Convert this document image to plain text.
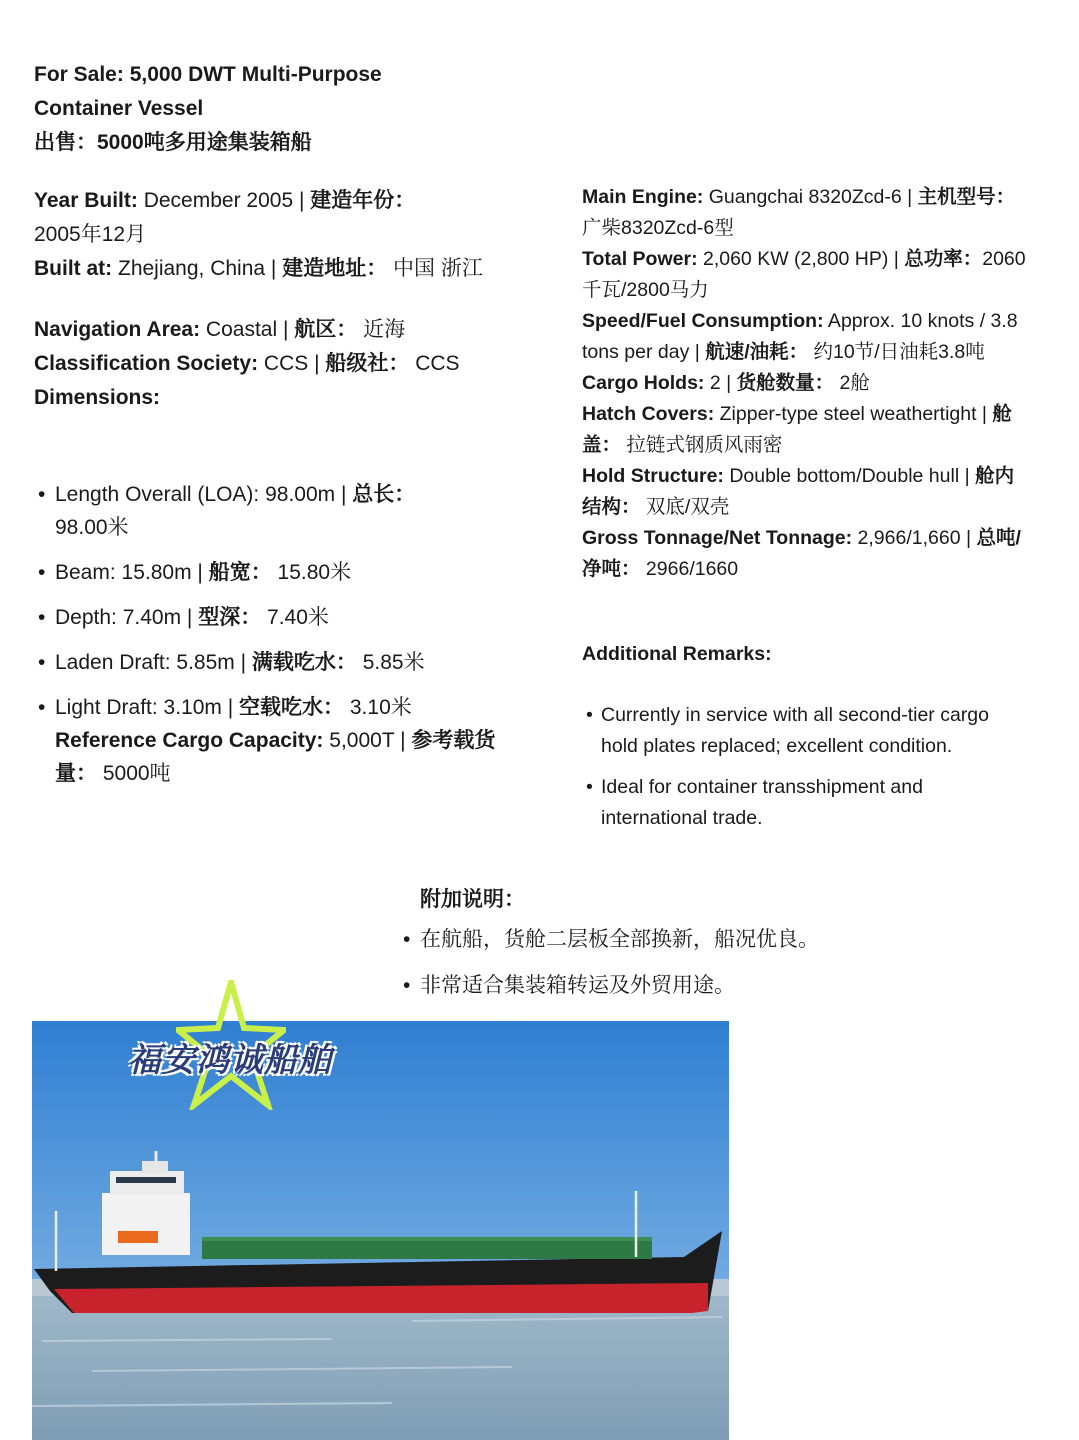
For Sale: 5,000 DWT Multi-Purpose
Container Vessel
出售：5000吨多用途集装箱船

Year Built: December 2005 | 建造年份：
2005年12月

Built at: Zhejiang, China | 建造地址： 中国 浙江

Navigation Area: Coastal | 航区： 近海

Classification Society: CCS | 船级社： CCS

Dimensions:

• Length Overall (LOA): 98.00m | 总长：
98.00米
• Beam: 15.80m | 船宽： 15.80米
• Depth: 7.40m | 型深： 7.40米
• Laden Draft: 5.85m | 满载吃水： 5.85米
• Light Draft: 3.10m | 空载吃水： 3.10米
Reference Cargo Capacity: 5,000T | 参考载货量： 5000吨

Main Engine: Guangchai 8320Zcd-6 | 主机型号： 广柴8320Zcd-6型

Total Power: 2,060 KW (2,800 HP) | 总功率：2060千瓦/2800马力

Speed/Fuel Consumption: Approx. 10 knots / 3.8 tons per day | 航速/油耗： 约10节/日油耗3.8吨

Cargo Holds: 2 | 货舱数量： 2舱

Hatch Covers: Zipper-type steel weathertight | 舱盖： 拉链式钢质风雨密

Hold Structure: Double bottom/Double hull | 舱内结构： 双底/双壳

Gross Tonnage/Net Tonnage: 2,966/1,660 | 总吨/净吨： 2966/1660

Additional Remarks:
• Currently in service with all second-tier cargo hold plates replaced; excellent condition.
• Ideal for container transshipment and international trade.
附加说明：
• 在航船，货舱二层板全部换新，船况优良。
• 非常适合集装箱转运及外贸用途。
福安鸿诚船舶
